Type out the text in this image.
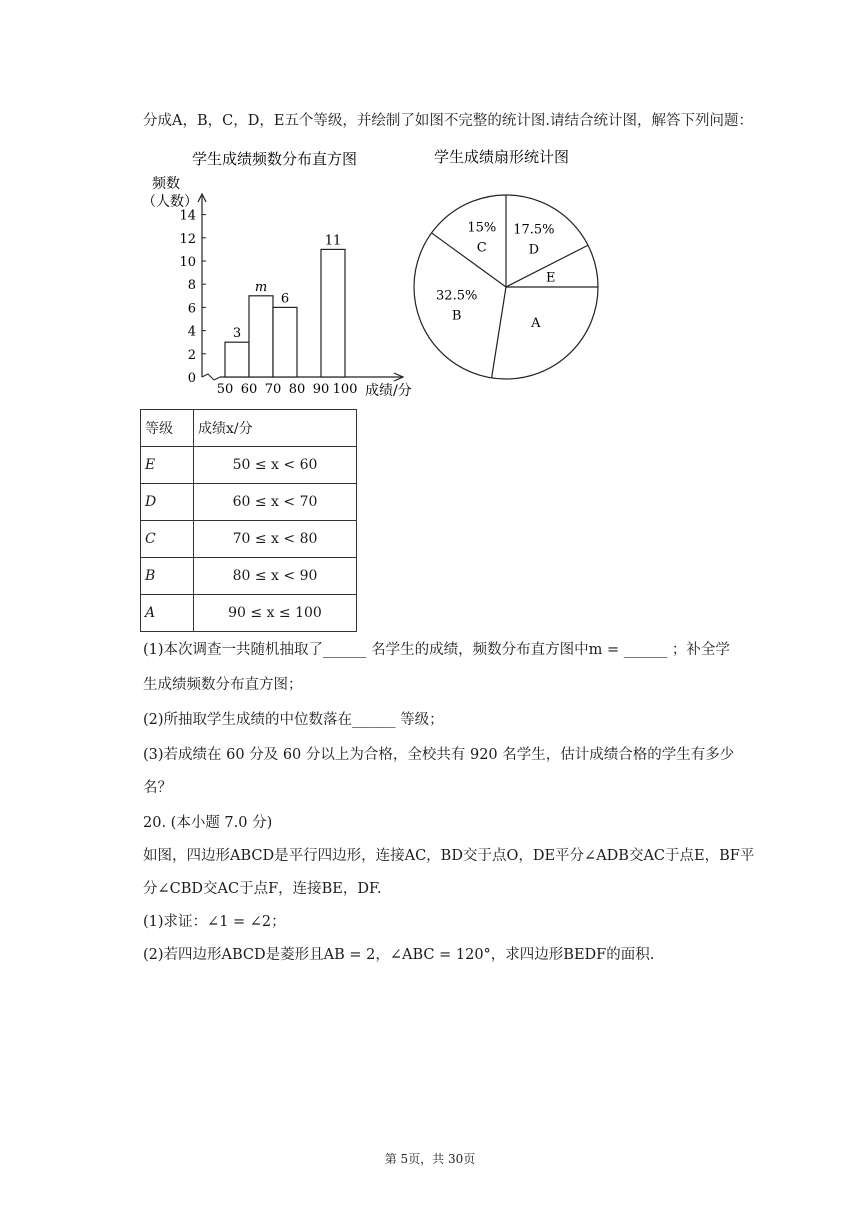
分成A，B，C，D，E五个等级，并绘制了如图不完整的统计图.请结合统计图，解答下列问题：
学生成绩频数分布直方图
频数
（人数）
0
2
4
6
8
10
12
14
50 60 70 80 90 100
3
m
6
11
成绩/分
学生成绩扇形统计图
17.5%
D
E
A
32.5%
B
15%
C
等级	成绩x/分
E	50 ≤ x < 60
D	60 ≤ x < 70
C	70 ≤ x < 80
B	80 ≤ x < 90
A	90 ≤ x ≤ 100
(1)本次调查一共随机抽取了______ 名学生的成绩，频数分布直方图中m = ______ ；补全学
生成绩频数分布直方图；
(2)所抽取学生成绩的中位数落在______ 等级；
(3)若成绩在 60 分及 60 分以上为合格，全校共有 920 名学生，估计成绩合格的学生有多少
名？
20. (本小题 7.0 分)
如图，四边形ABCD是平行四边形，连接AC，BD交于点O，DE平分∠ADB交AC于点E，BF平
分∠CBD交AC于点F，连接BE，DF.
(1)求证：∠1 = ∠2；
(2)若四边形ABCD是菱形且AB = 2，∠ABC = 120°，求四边形BEDF的面积.
第 5页，共 30页
